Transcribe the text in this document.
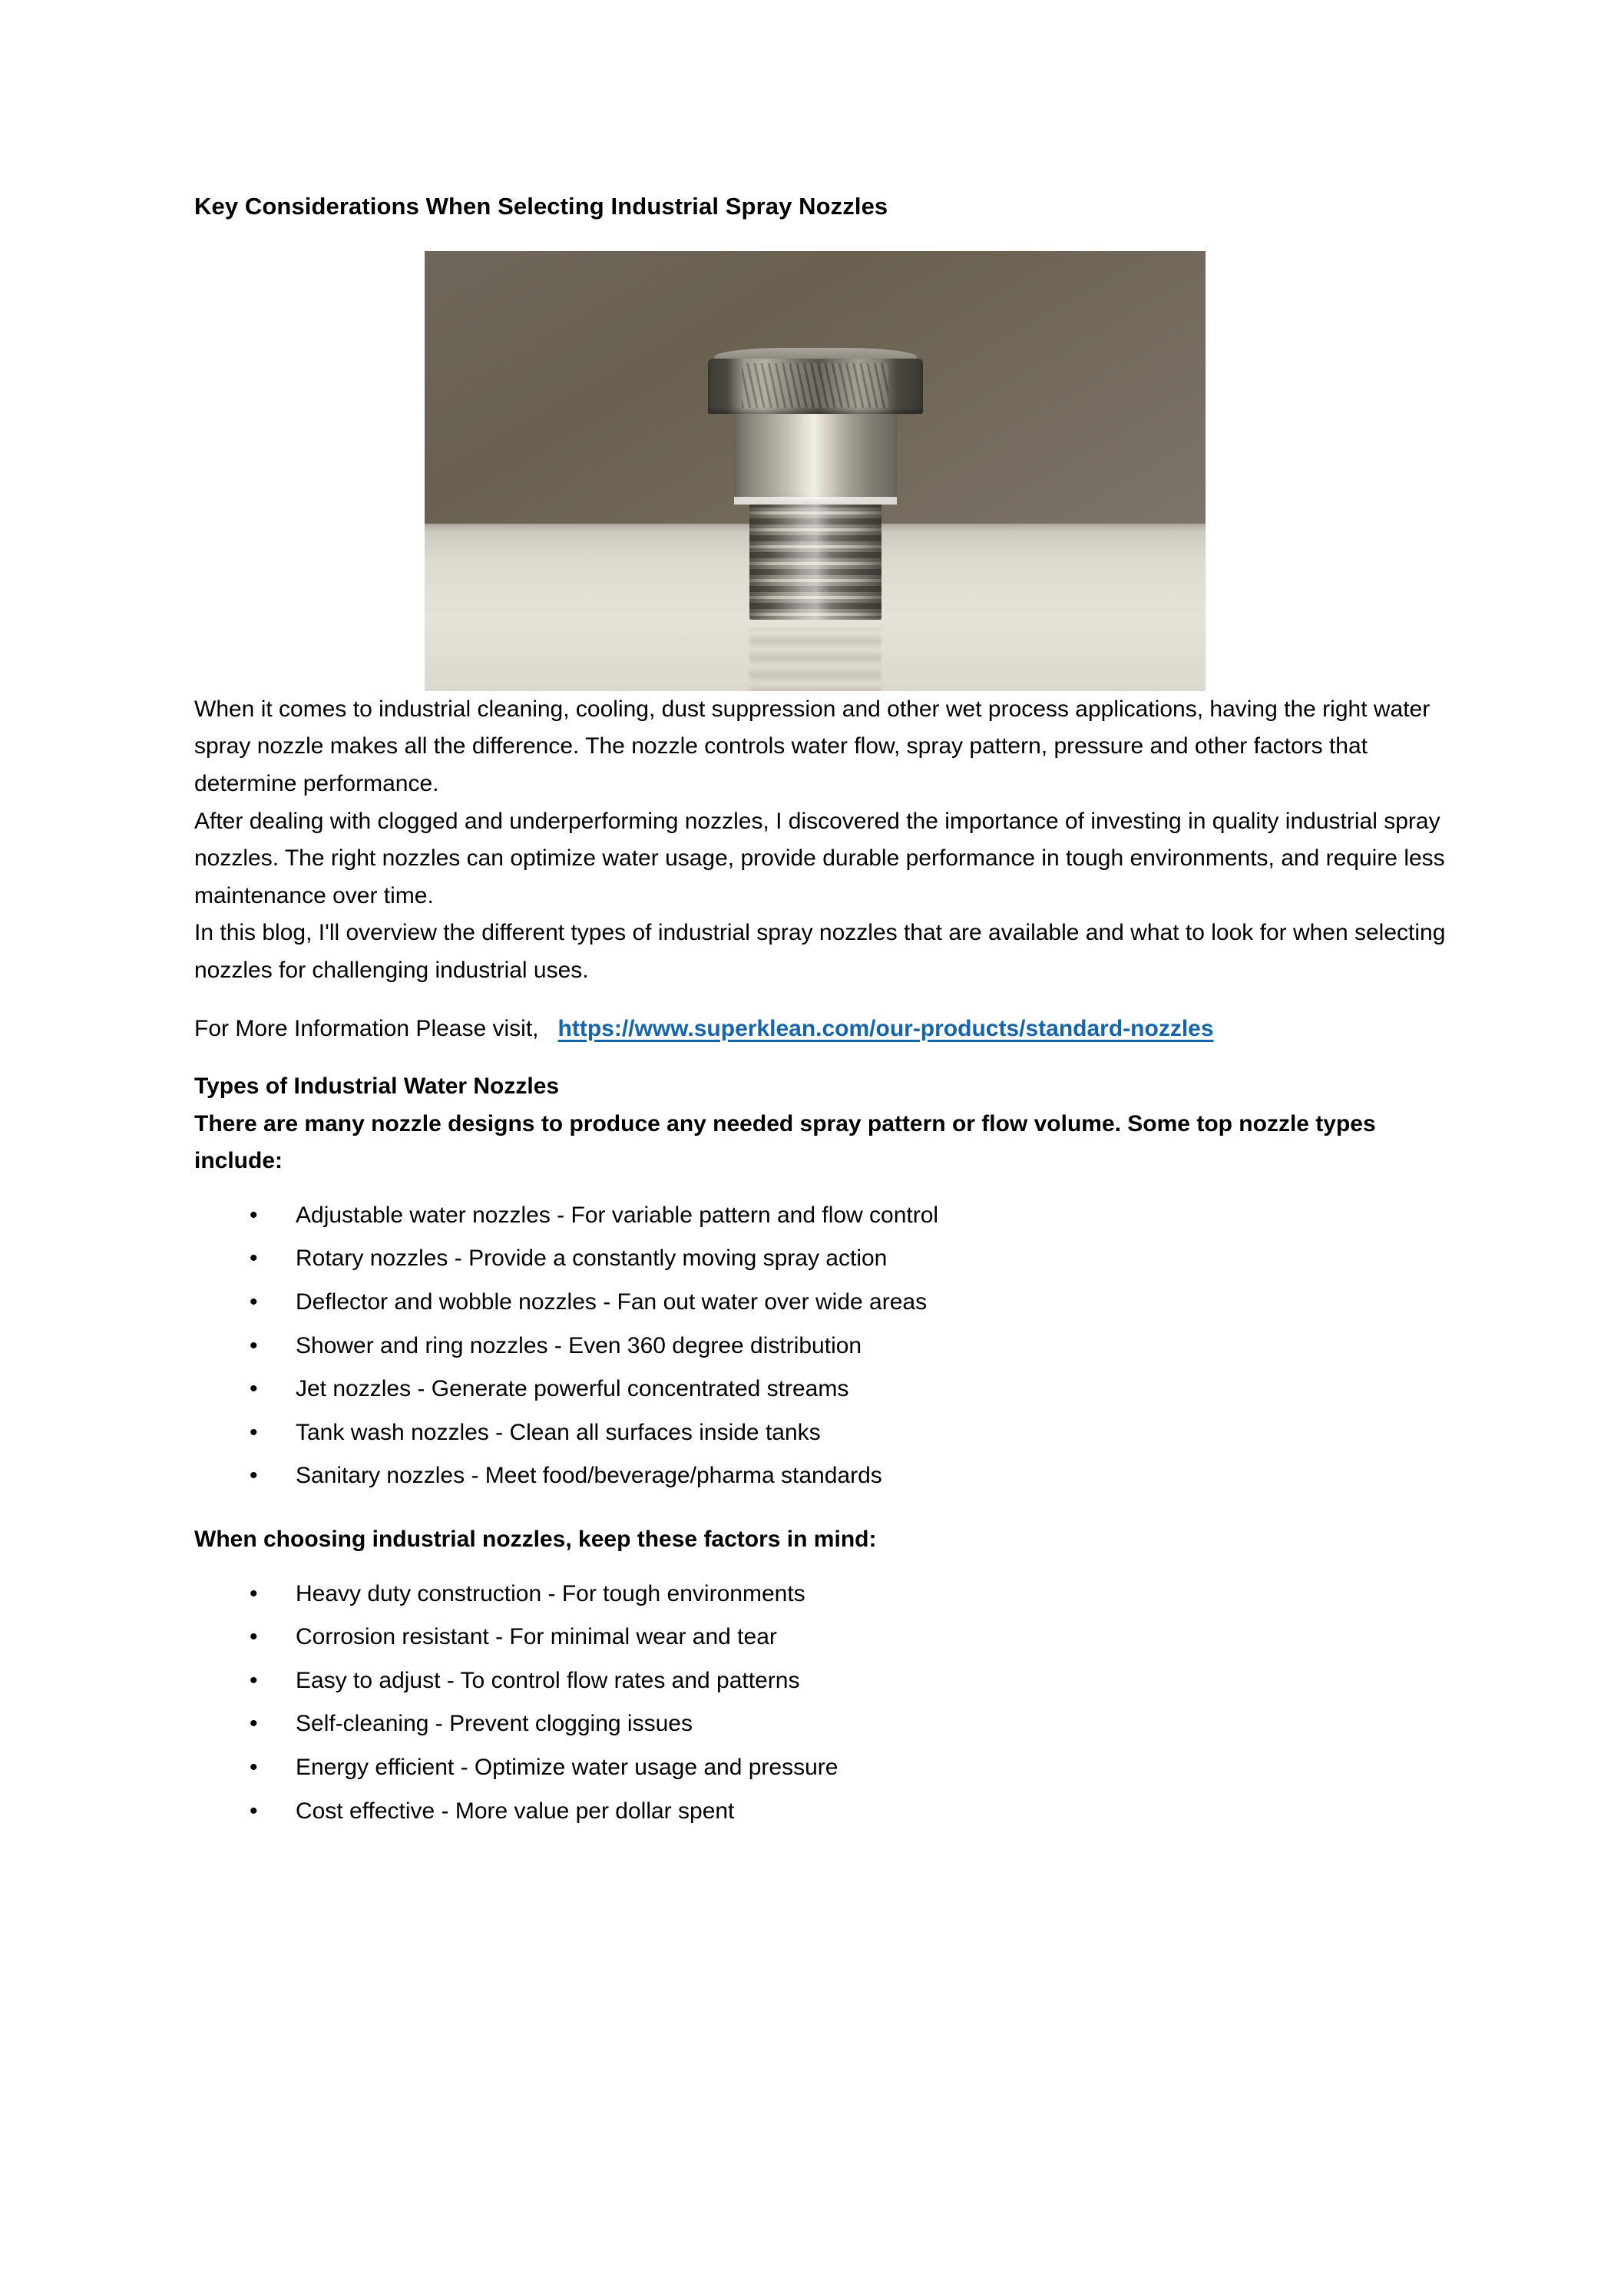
Key Considerations When Selecting Industrial Spray Nozzles

When it comes to industrial cleaning, cooling, dust suppression and other wet process applications, having the right water spray nozzle makes all the difference. The nozzle controls water flow, spray pattern, pressure and other factors that determine performance.

After dealing with clogged and underperforming nozzles, I discovered the importance of investing in quality industrial spray nozzles. The right nozzles can optimize water usage, provide durable performance in tough environments, and require less maintenance over time.

In this blog, I'll overview the different types of industrial spray nozzles that are available and what to look for when selecting nozzles for challenging industrial uses.

For More Information Please visit, https://www.superklean.com/our-products/standard-nozzles

Types of Industrial Water Nozzles

There are many nozzle designs to produce any needed spray pattern or flow volume. Some top nozzle types include:

• Adjustable water nozzles - For variable pattern and flow control
• Rotary nozzles - Provide a constantly moving spray action
• Deflector and wobble nozzles - Fan out water over wide areas
• Shower and ring nozzles - Even 360 degree distribution
• Jet nozzles - Generate powerful concentrated streams
• Tank wash nozzles - Clean all surfaces inside tanks
• Sanitary nozzles - Meet food/beverage/pharma standards
When choosing industrial nozzles, keep these factors in mind:
• Heavy duty construction - For tough environments
• Corrosion resistant - For minimal wear and tear
• Easy to adjust - To control flow rates and patterns
• Self-cleaning - Prevent clogging issues
• Energy efficient - Optimize water usage and pressure
• Cost effective - More value per dollar spent
